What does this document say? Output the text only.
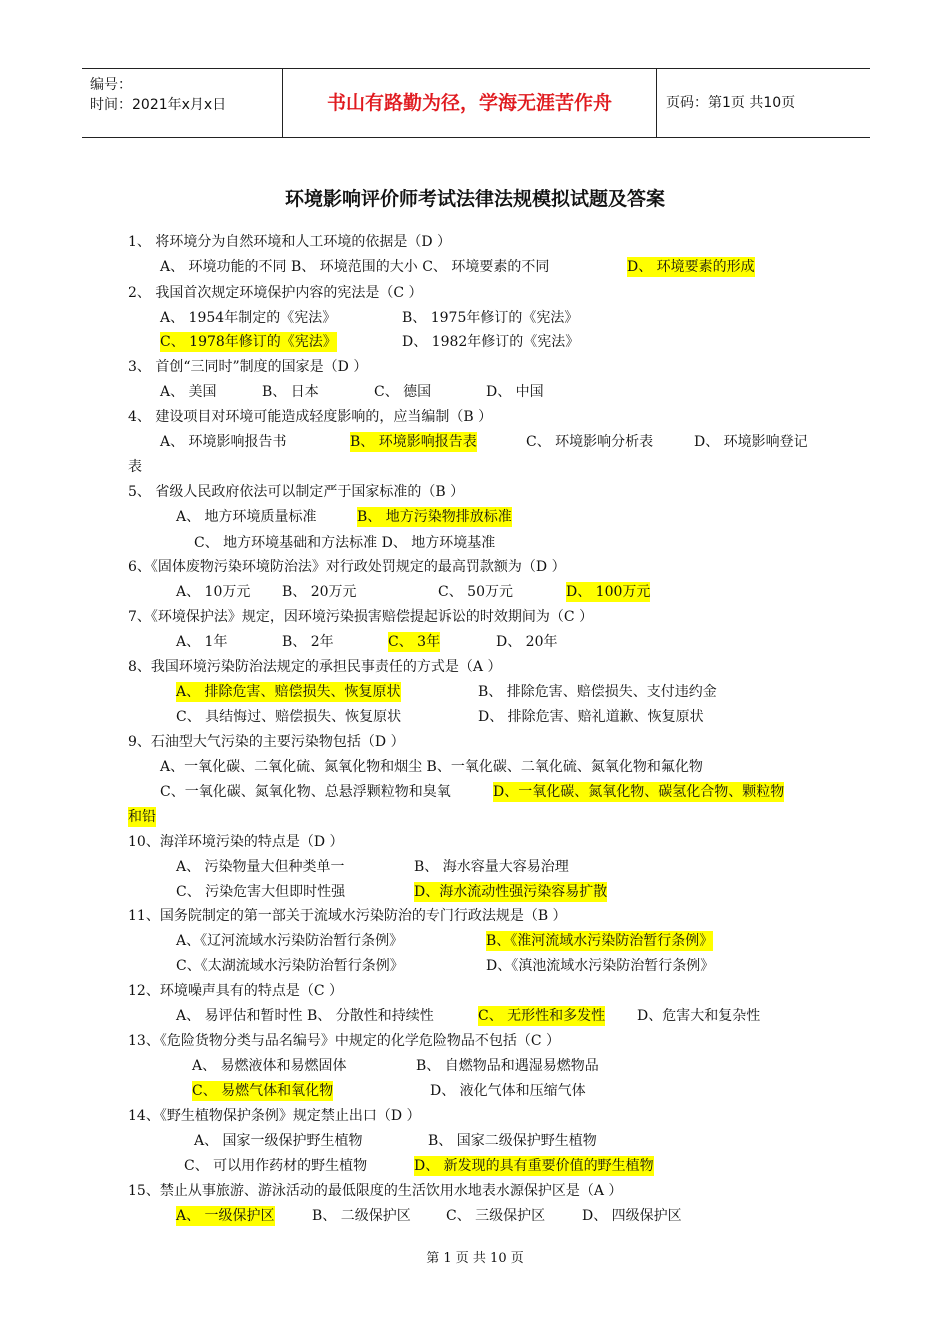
编号：
时间：2021年x月x日	书山有路勤为径，学海无涯苦作舟	页码：第1页 共10页
环境影响评价师考试法律法规模拟试题及答案
1、 将环境分为自然环境和人工环境的依据是（D ）
A、 环境功能的不同 B、 环境范围的大小 C、 环境要素的不同	D、 环境要素的形成
2、 我国首次规定环境保护内容的宪法是（C ）
A、 1954年制定的《宪法》	B、 1975年修订的《宪法》
C、 1978年修订的《宪法》	D、 1982年修订的《宪法》
3、 首创“三同时”制度的国家是（D ）
A、 美国	B、 日本	C、 德国	D、 中国
4、 建设项目对环境可能造成轻度影响的，应当编制（B ）
A、 环境影响报告书	B、 环境影响报告表	C、 环境影响分析表	D、 环境影响登记
表
5、 省级人民政府依法可以制定严于国家标准的（B ）
A、 地方环境质量标准	B、 地方污染物排放标准
C、 地方环境基础和方法标准 D、 地方环境基准
6、《固体废物污染环境防治法》对行政处罚规定的最高罚款额为（D ）
A、 10万元 B、 20万元	C、 50万元	D、 100万元
7、《环境保护法》规定，因环境污染损害赔偿提起诉讼的时效期间为（C ）
A、 1年	B、 2年	C、 3年	D、 20年
8、我国环境污染防治法规定的承担民事责任的方式是（A ）
A、 排除危害、赔偿损失、恢复原状	B、 排除危害、赔偿损失、支付违约金
C、 具结悔过、赔偿损失、恢复原状	D、 排除危害、赔礼道歉、恢复原状
9、石油型大气污染的主要污染物包括（D ）
A、一氧化碳、二氧化硫、氮氧化物和烟尘 B、一氧化碳、二氧化硫、氮氧化物和氟化物
C、一氧化碳、氮氧化物、总悬浮颗粒物和臭氧	D、一氧化碳、氮氧化物、碳氢化合物、颗粒物
和铅
10、海洋环境污染的特点是（D ）
A、 污染物量大但种类单一	B、 海水容量大容易治理
C、 污染危害大但即时性强	D、海水流动性强污染容易扩散
11、国务院制定的第一部关于流域水污染防治的专门行政法规是（B ）
A、《辽河流域水污染防治暂行条例》	B、《淮河流域水污染防治暂行条例》
C、《太湖流域水污染防治暂行条例》	D、《滇池流域水污染防治暂行条例》
12、环境噪声具有的特点是（C ）
A、 易评估和暂时性 B、 分散性和持续性	C、 无形性和多发性 D、危害大和复杂性
13、《危险货物分类与品名编号》中规定的化学危险物品不包括（C ）
A、 易燃液体和易燃固体	B、 自燃物品和遇湿易燃物品
C、 易燃气体和氧化物	D、 液化气体和压缩气体
14、《野生植物保护条例》规定禁止出口（D ）
A、 国家一级保护野生植物	B、 国家二级保护野生植物
C、 可以用作药材的野生植物	D、 新发现的具有重要价值的野生植物
15、禁止从事旅游、游泳活动的最低限度的生活饮用水地表水源保护区是（A ）
A、 一级保护区	B、 二级保护区	C、 三级保护区	D、 四级保护区
第 1 页 共 10 页
